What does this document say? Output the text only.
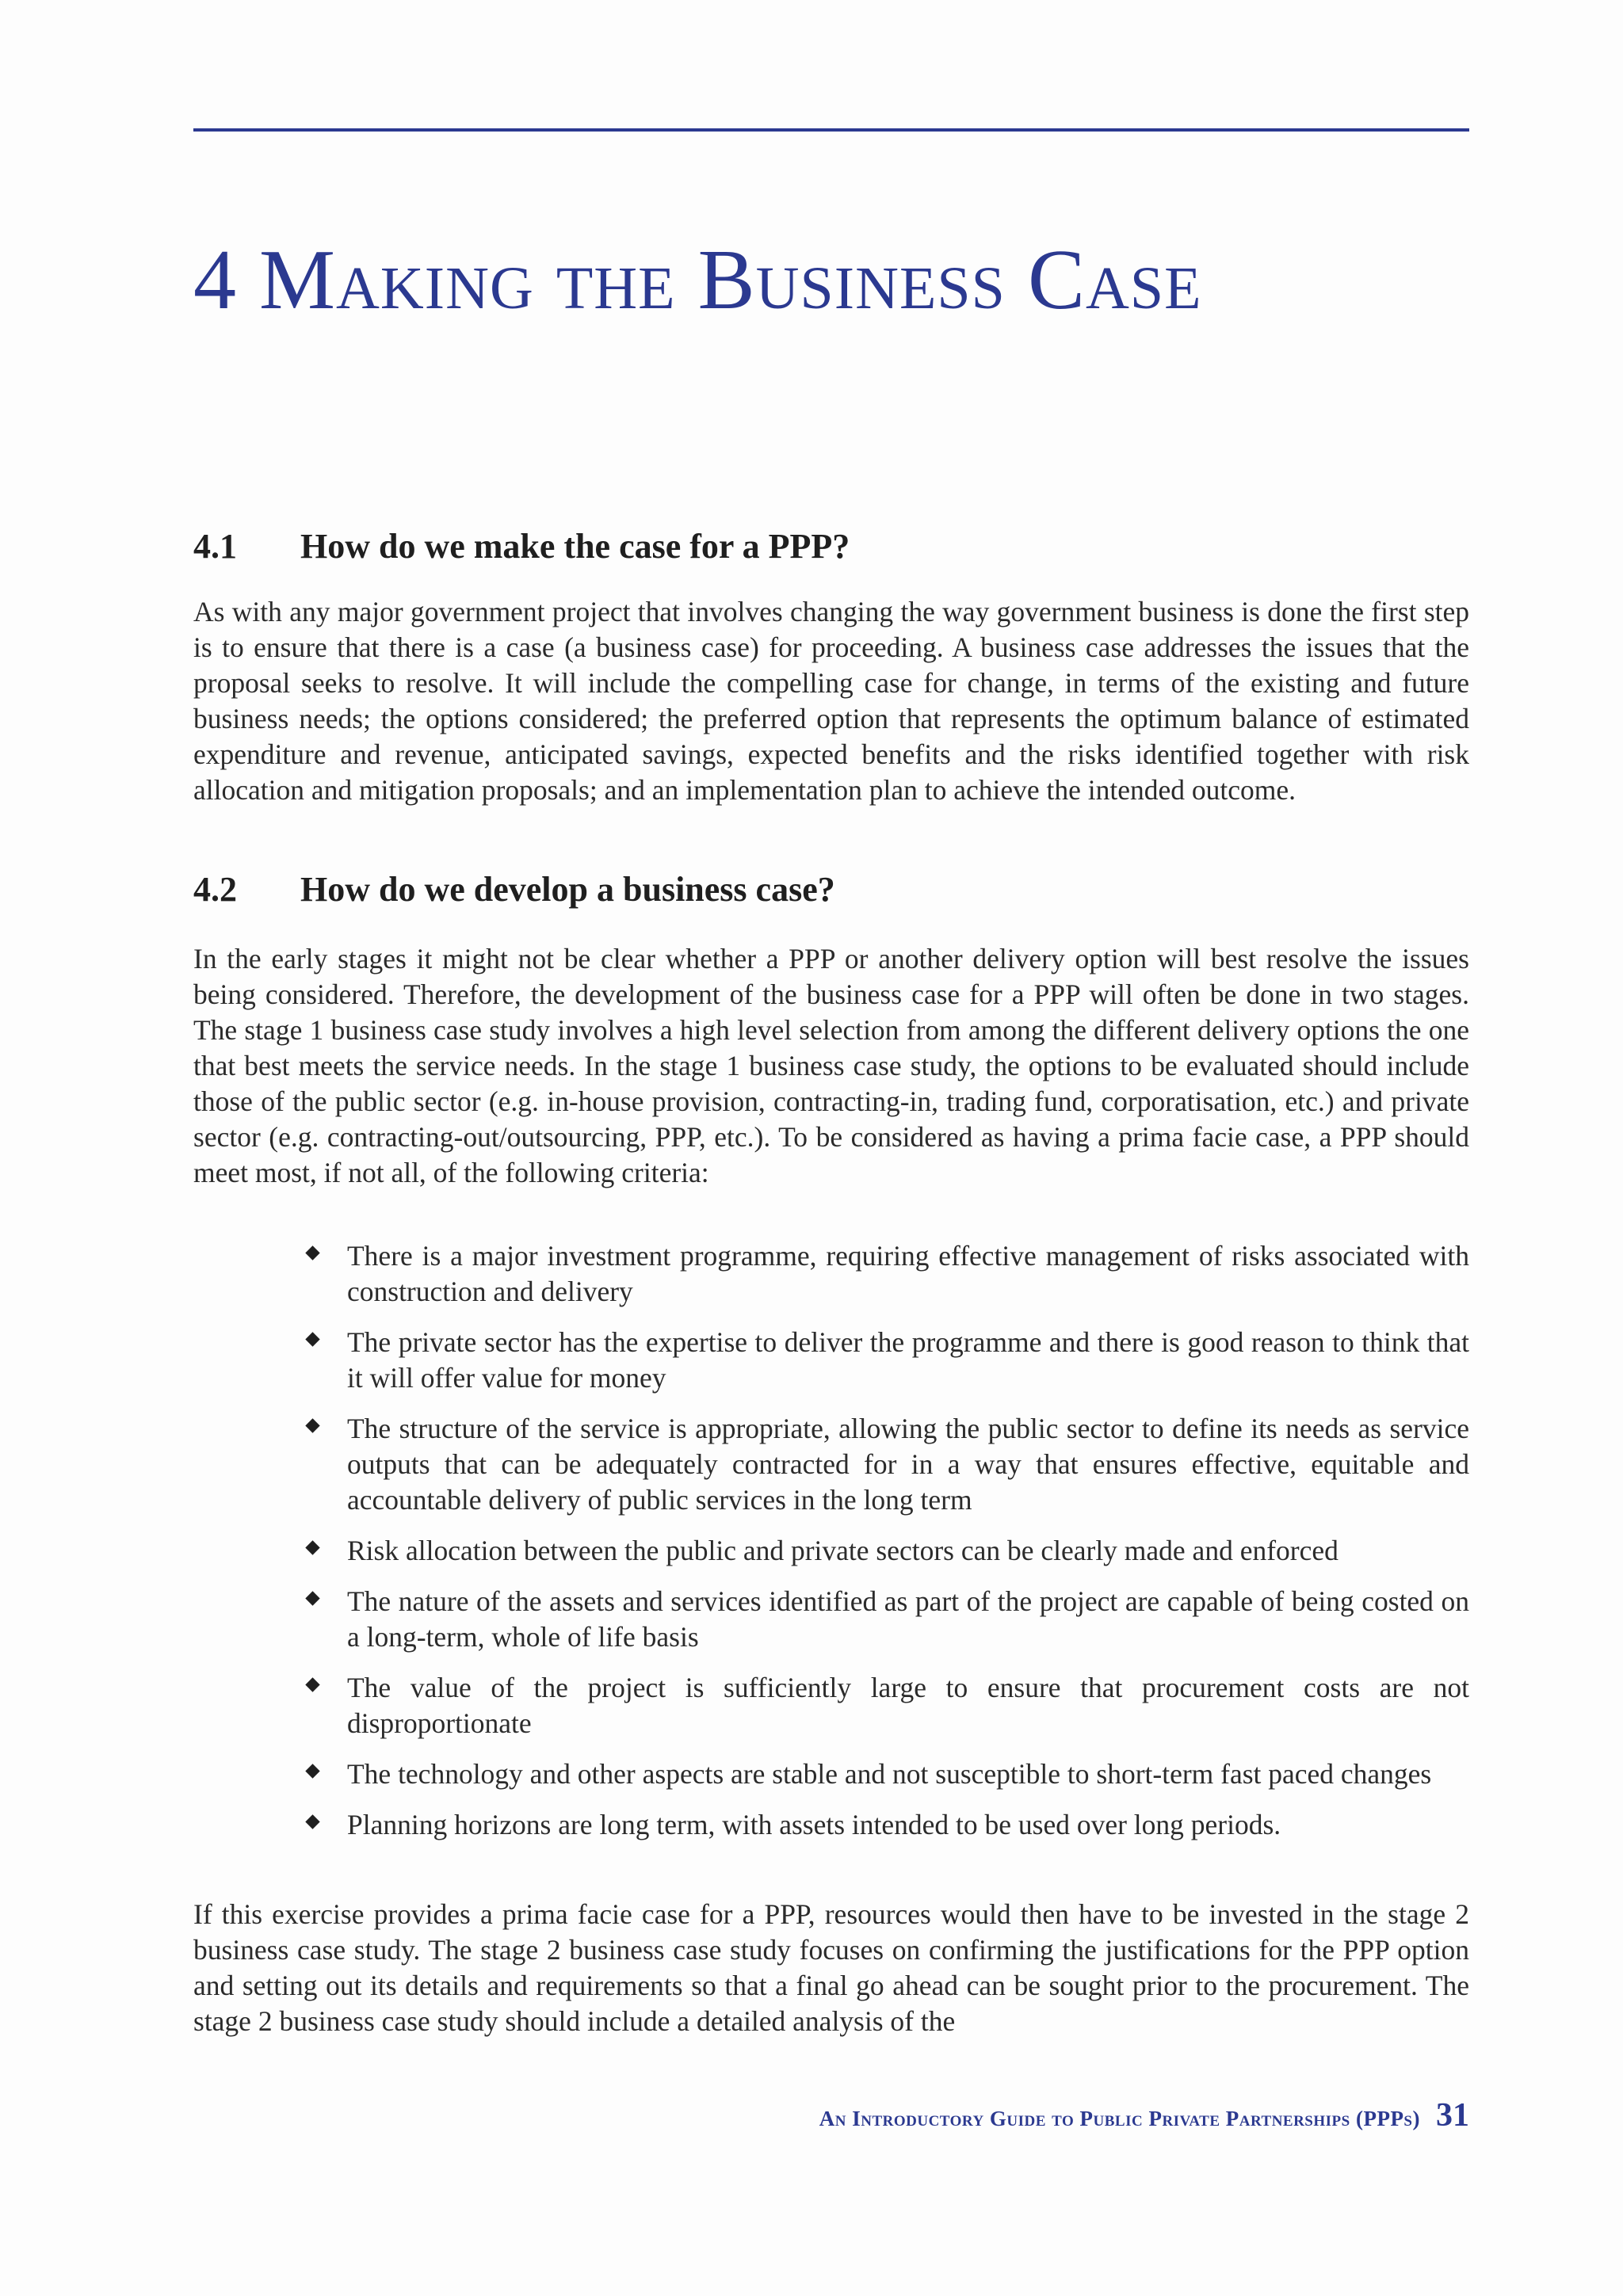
4 Making the Business Case
4.1 How do we make the case for a PPP?

As with any major government project that involves changing the way government business is done the first step is to ensure that there is a case (a business case) for proceeding. A business case addresses the issues that the proposal seeks to resolve. It will include the compelling case for change, in terms of the existing and future business needs; the options considered; the preferred option that represents the optimum balance of estimated expenditure and revenue, anticipated savings, expected benefits and the risks identified together with risk allocation and mitigation proposals; and an implementation plan to achieve the intended outcome.

4.2 How do we develop a business case?

In the early stages it might not be clear whether a PPP or another delivery option will best resolve the issues being considered. Therefore, the development of the business case for a PPP will often be done in two stages. The stage 1 business case study involves a high level selection from among the different delivery options the one that best meets the service needs. In the stage 1 business case study, the options to be evaluated should include those of the public sector (e.g. in-house provision, contracting-in, trading fund, corporatisation, etc.) and private sector (e.g. contracting-out/outsourcing, PPP, etc.). To be considered as having a prima facie case, a PPP should meet most, if not all, of the following criteria:

There is a major investment programme, requiring effective management of risks associated with construction and delivery
The private sector has the expertise to deliver the programme and there is good reason to think that it will offer value for money
The structure of the service is appropriate, allowing the public sector to define its needs as service outputs that can be adequately contracted for in a way that ensures effective, equitable and accountable delivery of public services in the long term
Risk allocation between the public and private sectors can be clearly made and enforced
The nature of the assets and services identified as part of the project are capable of being costed on a long-term, whole of life basis
The value of the project is sufficiently large to ensure that procurement costs are not disproportionate
The technology and other aspects are stable and not susceptible to short-term fast paced changes
Planning horizons are long term, with assets intended to be used over long periods.

If this exercise provides a prima facie case for a PPP, resources would then have to be invested in the stage 2 business case study. The stage 2 business case study focuses on confirming the justifications for the PPP option and setting out its details and requirements so that a final go ahead can be sought prior to the procurement. The stage 2 business case study should include a detailed analysis of the

An Introductory Guide to Public Private Partnerships (PPPs) 31
